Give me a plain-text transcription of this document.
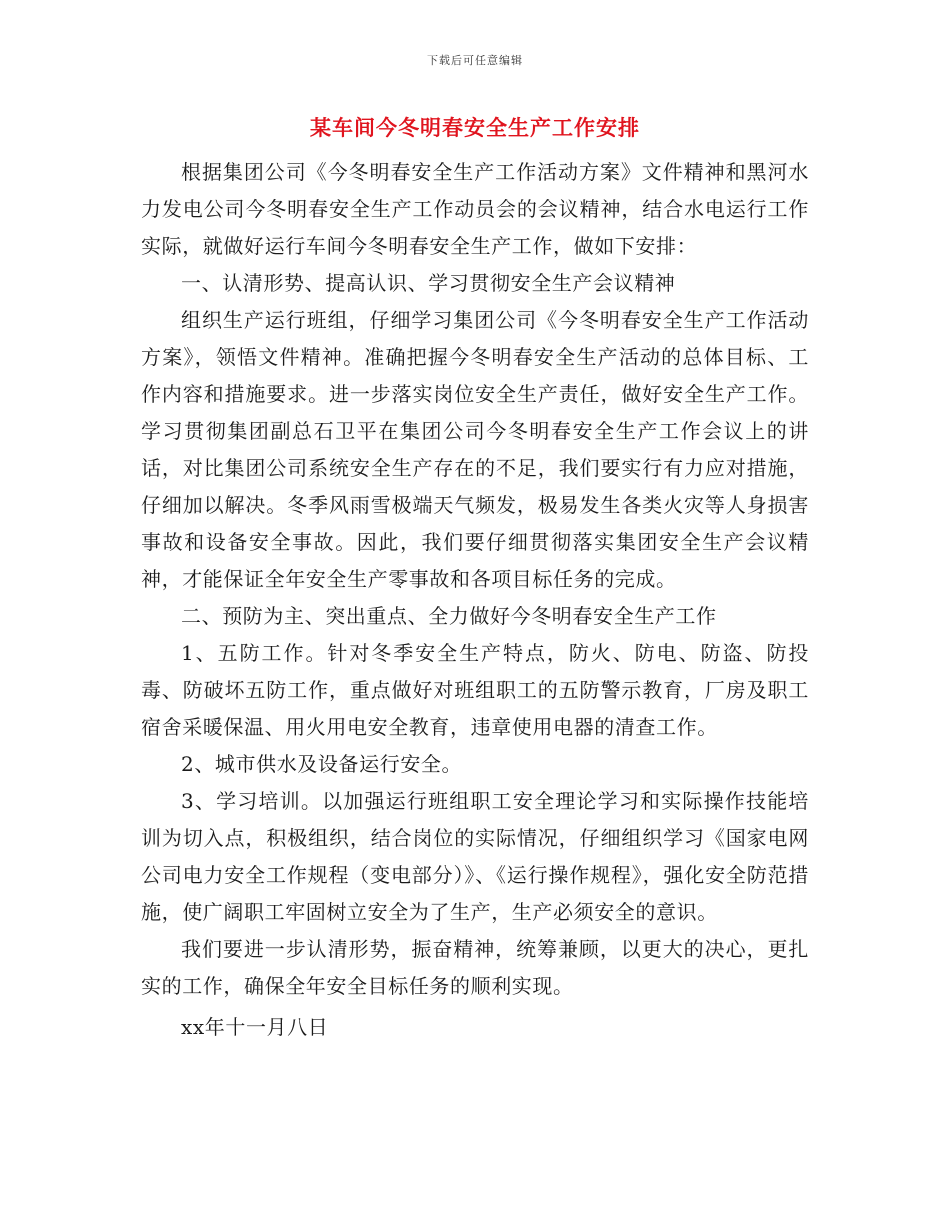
下载后可任意编辑
某车间今冬明春安全生产工作安排

根据集团公司《今冬明春安全生产工作活动方案》文件精神和黑河水力发电公司今冬明春安全生产工作动员会的会议精神，结合水电运行工作实际，就做好运行车间今冬明春安全生产工作，做如下安排：

一、认清形势、提高认识、学习贯彻安全生产会议精神

组织生产运行班组，仔细学习集团公司《今冬明春安全生产工作活动方案》，领悟文件精神。准确把握今冬明春安全生产活动的总体目标、工作内容和措施要求。进一步落实岗位安全生产责任，做好安全生产工作。学习贯彻集团副总石卫平在集团公司今冬明春安全生产工作会议上的讲话，对比集团公司系统安全生产存在的不足，我们要实行有力应对措施，仔细加以解决。冬季风雨雪极端天气频发，极易发生各类火灾等人身损害事故和设备安全事故。因此，我们要仔细贯彻落实集团安全生产会议精神，才能保证全年安全生产零事故和各项目标任务的完成。

二、预防为主、突出重点、全力做好今冬明春安全生产工作

1、五防工作。针对冬季安全生产特点，防火、防电、防盗、防投毒、防破坏五防工作，重点做好对班组职工的五防警示教育，厂房及职工宿舍采暖保温、用火用电安全教育，违章使用电器的清查工作。

2、城市供水及设备运行安全。

3、学习培训。以加强运行班组职工安全理论学习和实际操作技能培训为切入点，积极组织，结合岗位的实际情况，仔细组织学习《国家电网公司电力安全工作规程（变电部分）》、《运行操作规程》，强化安全防范措施，使广阔职工牢固树立安全为了生产，生产必须安全的意识。

我们要进一步认清形势，振奋精神，统筹兼顾，以更大的决心，更扎实的工作，确保全年安全目标任务的顺利实现。

xx年十一月八日
